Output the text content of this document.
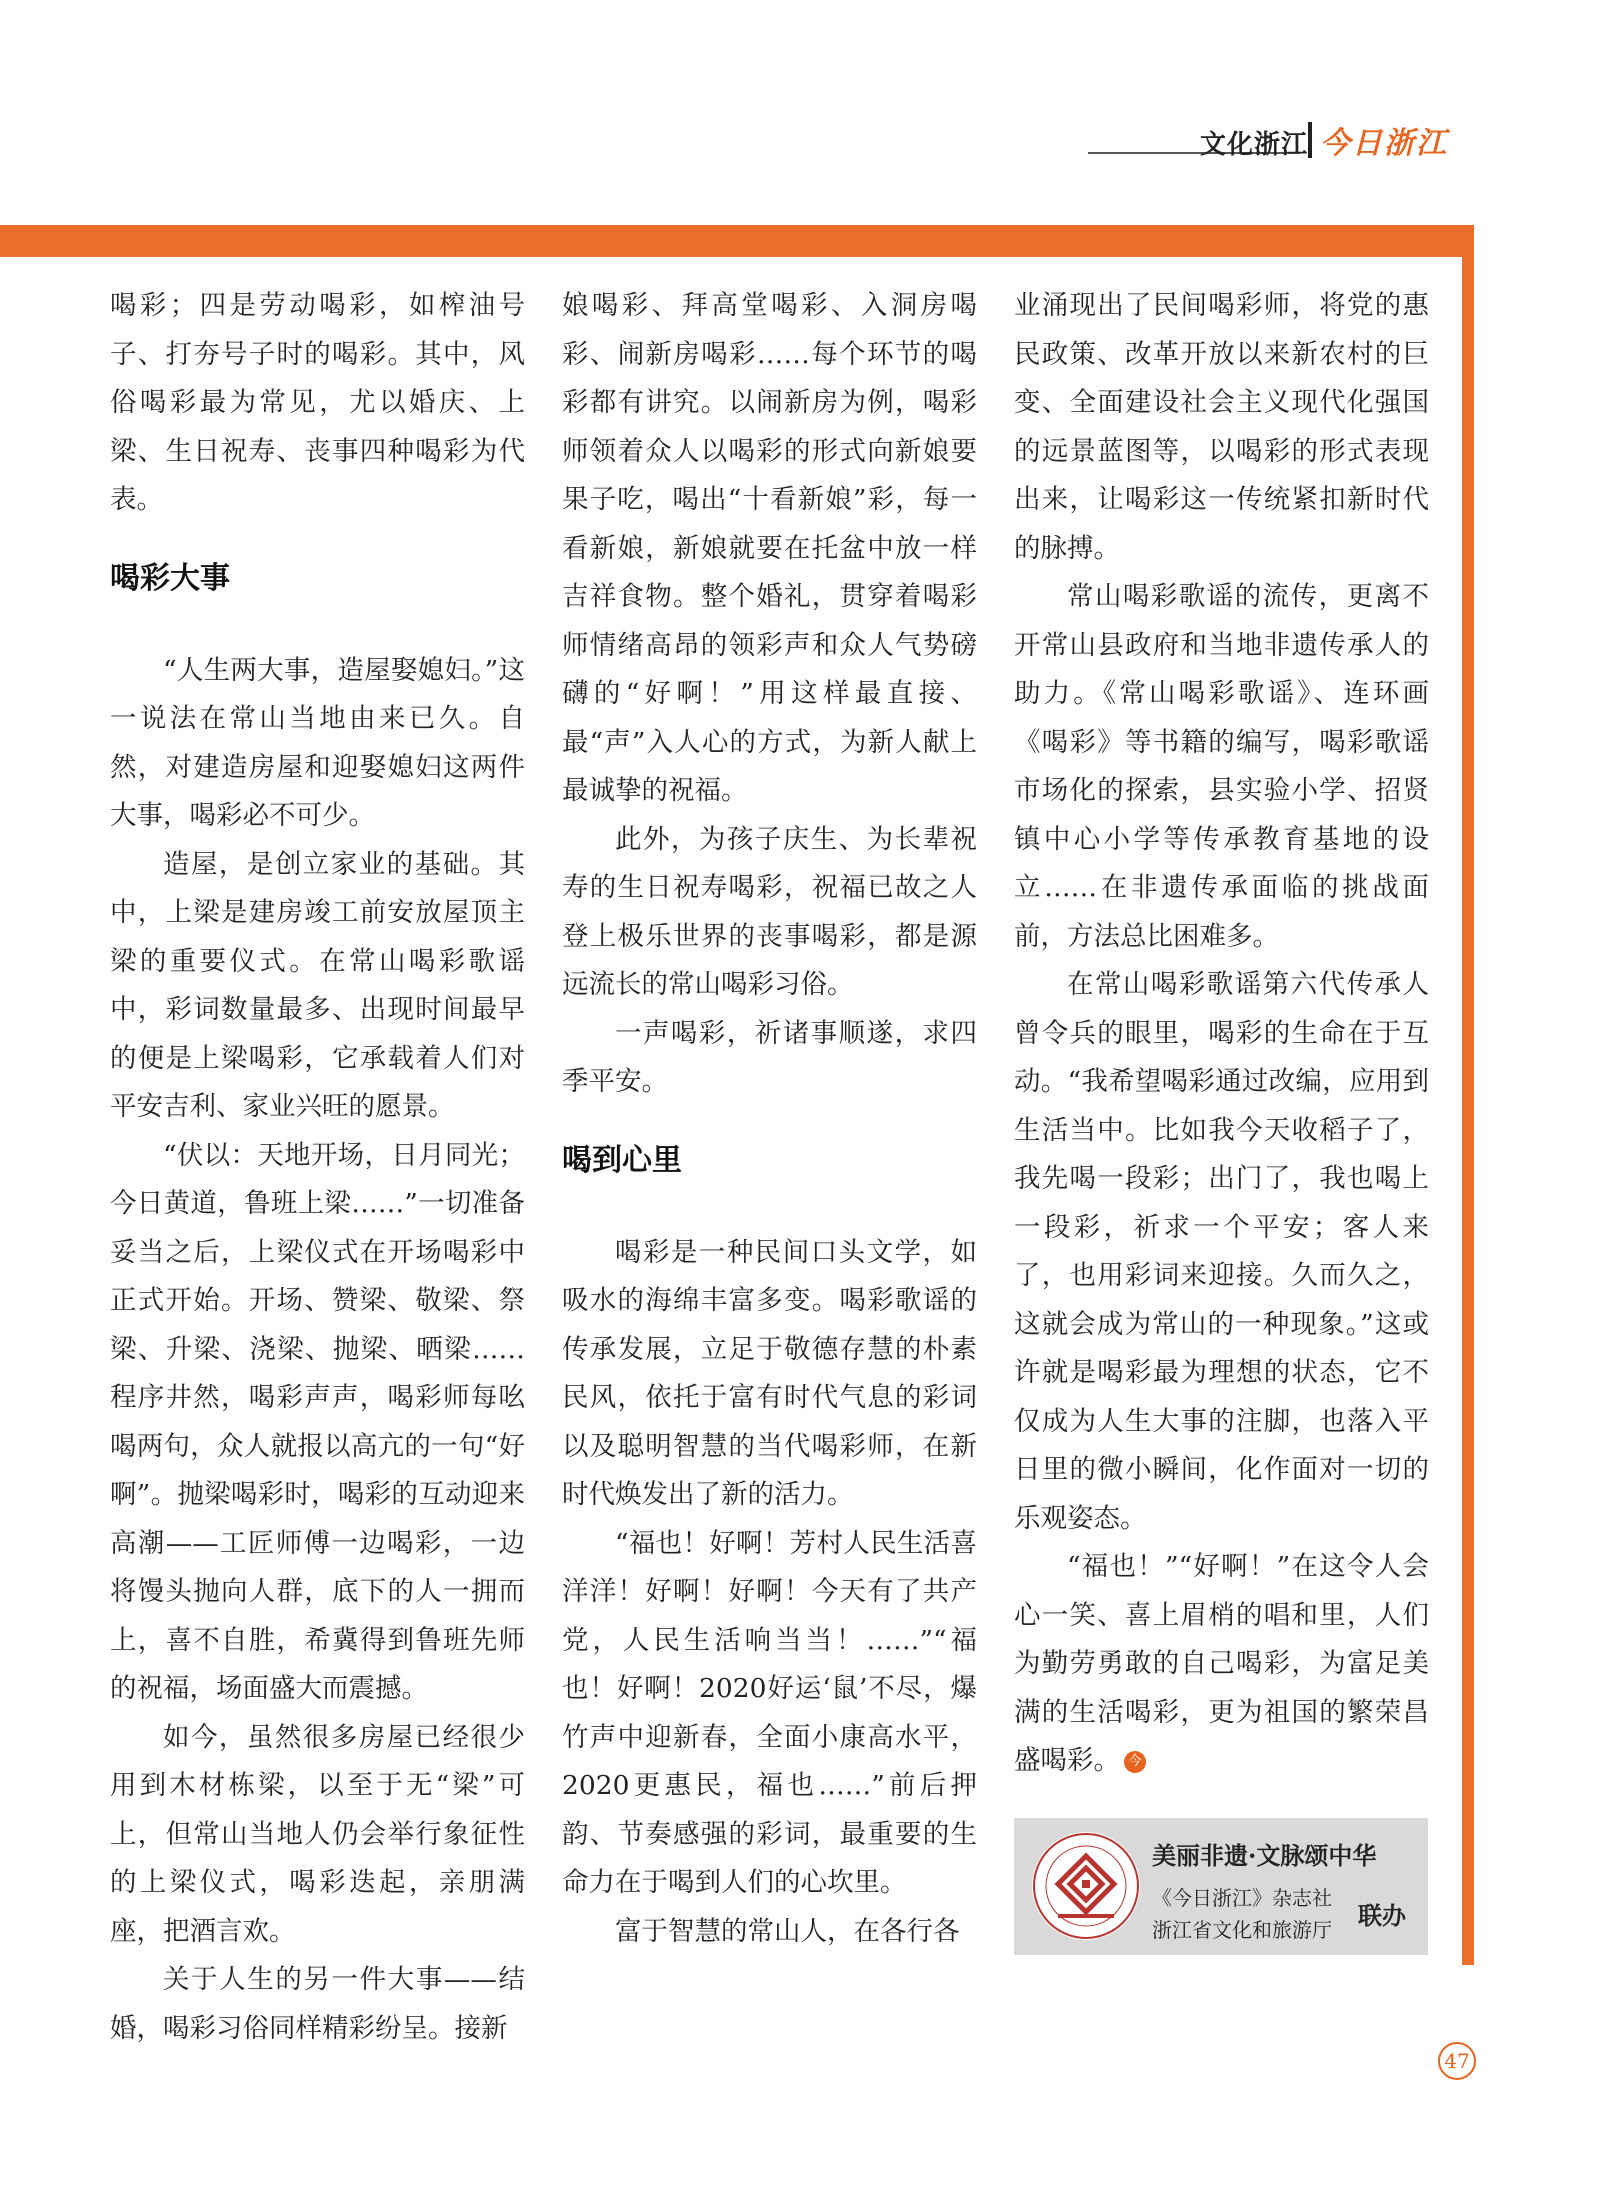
文化浙江 今日浙江

喝彩；四是劳动喝彩，如榨油号子、打夯号子时的喝彩。其中，风俗喝彩最为常见，尤以婚庆、上梁、生日祝寿、丧事四种喝彩为代表。

喝彩大事

“人生两大事，造屋娶媳妇。”这一说法在常山当地由来已久。自然，对建造房屋和迎娶媳妇这两件大事，喝彩必不可少。

造屋，是创立家业的基础。其中，上梁是建房竣工前安放屋顶主梁的重要仪式。在常山喝彩歌谣中，彩词数量最多、出现时间最早的便是上梁喝彩，它承载着人们对平安吉利、家业兴旺的愿景。

“伏以：天地开场，日月同光；今日黄道，鲁班上梁……”一切准备妥当之后，上梁仪式在开场喝彩中正式开始。开场、赞梁、敬梁、祭梁、升梁、浇梁、抛梁、晒梁……程序井然，喝彩声声，喝彩师每吆喝两句，众人就报以高亢的一句“好啊”。抛梁喝彩时，喝彩的互动迎来高潮——工匠师傅一边喝彩，一边将馒头抛向人群，底下的人一拥而上，喜不自胜，希冀得到鲁班先师的祝福，场面盛大而震撼。

如今，虽然很多房屋已经很少用到木材栋梁，以至于无“梁”可上，但常山当地人仍会举行象征性的上梁仪式，喝彩迭起，亲朋满座，把酒言欢。

关于人生的另一件大事——结婚，喝彩习俗同样精彩纷呈。接新

娘喝彩、拜高堂喝彩、入洞房喝彩、闹新房喝彩……每个环节的喝彩都有讲究。以闹新房为例，喝彩师领着众人以喝彩的形式向新娘要果子吃，喝出“十看新娘”彩，每一看新娘，新娘就要在托盆中放一样吉祥食物。整个婚礼，贯穿着喝彩师情绪高昂的领彩声和众人气势磅礴的“好啊！”用这样最直接、最“声”入人心的方式，为新人献上最诚挚的祝福。

此外，为孩子庆生、为长辈祝寿的生日祝寿喝彩，祝福已故之人登上极乐世界的丧事喝彩，都是源远流长的常山喝彩习俗。

一声喝彩，祈诸事顺遂，求四季平安。

喝到心里

喝彩是一种民间口头文学，如吸水的海绵丰富多变。喝彩歌谣的传承发展，立足于敬德存慧的朴素民风，依托于富有时代气息的彩词以及聪明智慧的当代喝彩师，在新时代焕发出了新的活力。

“福也！好啊！芳村人民生活喜洋洋！好啊！好啊！今天有了共产党，人民生活响当当！……”“福也！好啊！2020好运‘鼠’不尽，爆竹声中迎新春，全面小康高水平，2020更惠民，福也……”前后押韵、节奏感强的彩词，最重要的生命力在于喝到人们的心坎里。

富于智慧的常山人，在各行各

业涌现出了民间喝彩师，将党的惠民政策、改革开放以来新农村的巨变、全面建设社会主义现代化强国的远景蓝图等，以喝彩的形式表现出来，让喝彩这一传统紧扣新时代的脉搏。

常山喝彩歌谣的流传，更离不开常山县政府和当地非遗传承人的助力。《常山喝彩歌谣》、连环画《喝彩》等书籍的编写，喝彩歌谣市场化的探索，县实验小学、招贤镇中心小学等传承教育基地的设立……在非遗传承面临的挑战面前，方法总比困难多。

在常山喝彩歌谣第六代传承人曾令兵的眼里，喝彩的生命在于互动。“我希望喝彩通过改编，应用到生活当中。比如我今天收稻子了，我先喝一段彩；出门了，我也喝上一段彩，祈求一个平安；客人来了，也用彩词来迎接。久而久之，这就会成为常山的一种现象。”这或许就是喝彩最为理想的状态，它不仅成为人生大事的注脚，也落入平日里的微小瞬间，化作面对一切的乐观姿态。

“福也！”“好啊！”在这令人会心一笑、喜上眉梢的唱和里，人们为勤劳勇敢的自己喝彩，为富足美满的生活喝彩，更为祖国的繁荣昌盛喝彩。 今

美丽非遗·文脉颂中华
《今日浙江》杂志社
浙江省文化和旅游厅 联办
47
